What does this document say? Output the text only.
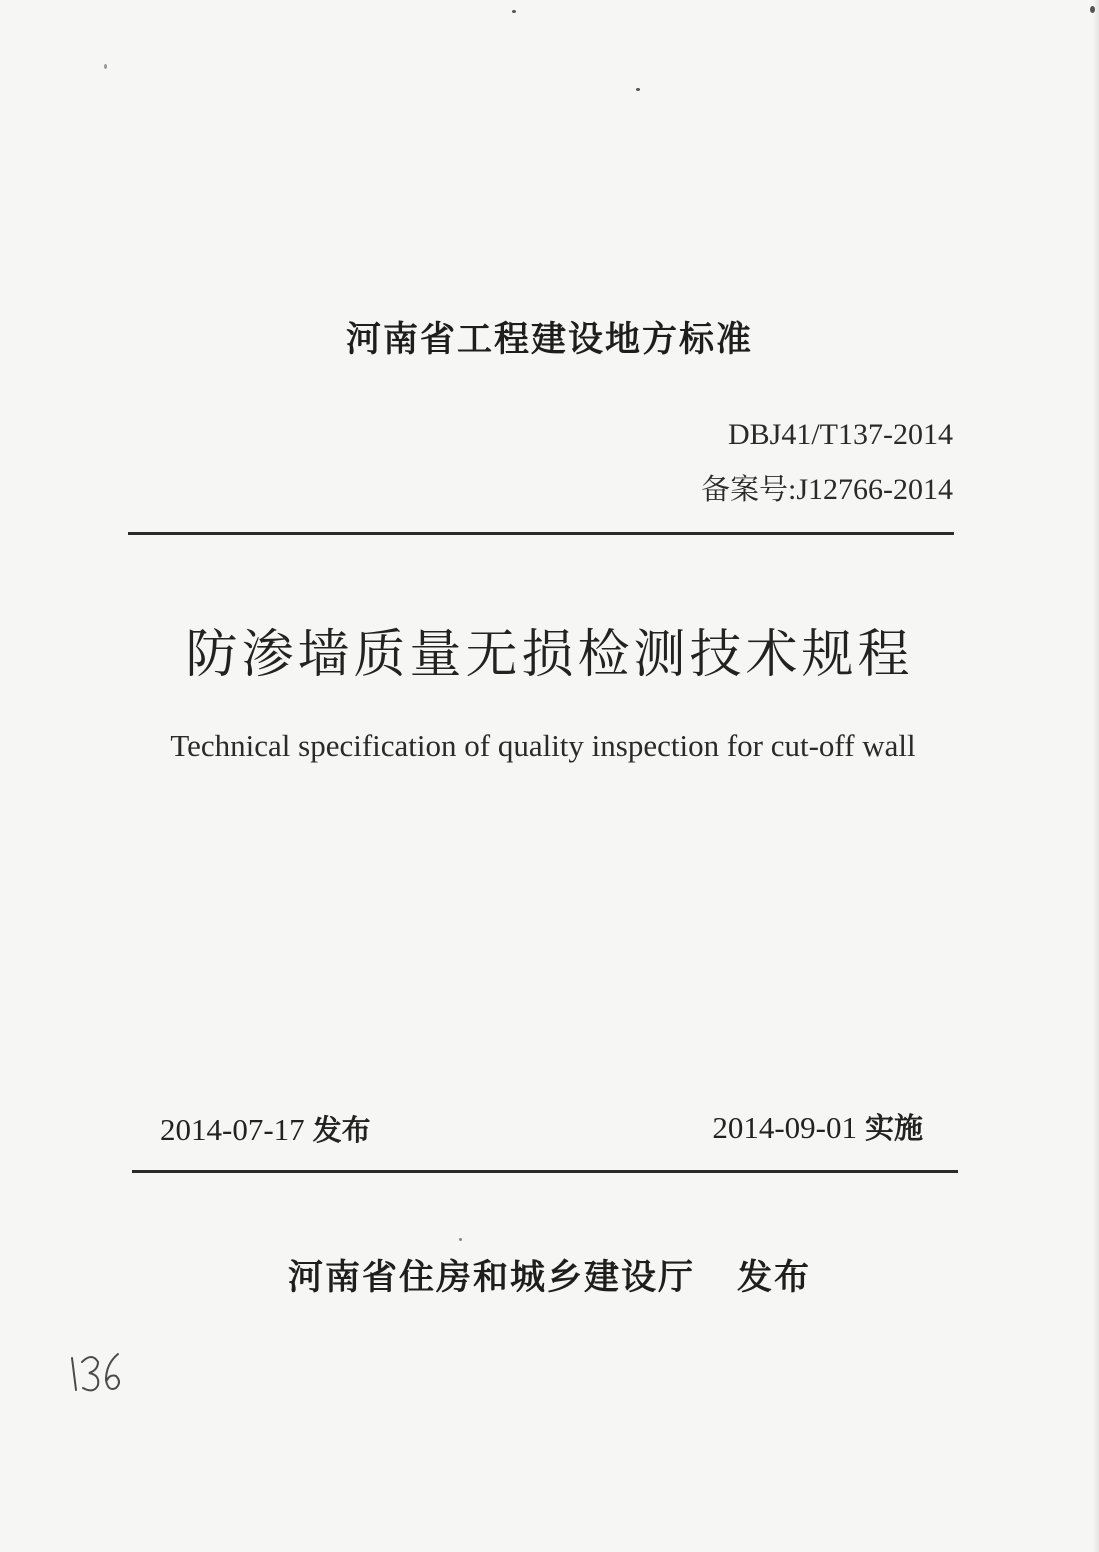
河南省工程建设地方标准
DBJ41/T137-2014
备案号:J12766-2014
防渗墙质量无损检测技术规程
Technical specification of quality inspection for cut-off wall
2014-07-17 发布	2014-09-01 实施
河南省住房和城乡建设厅 发布
